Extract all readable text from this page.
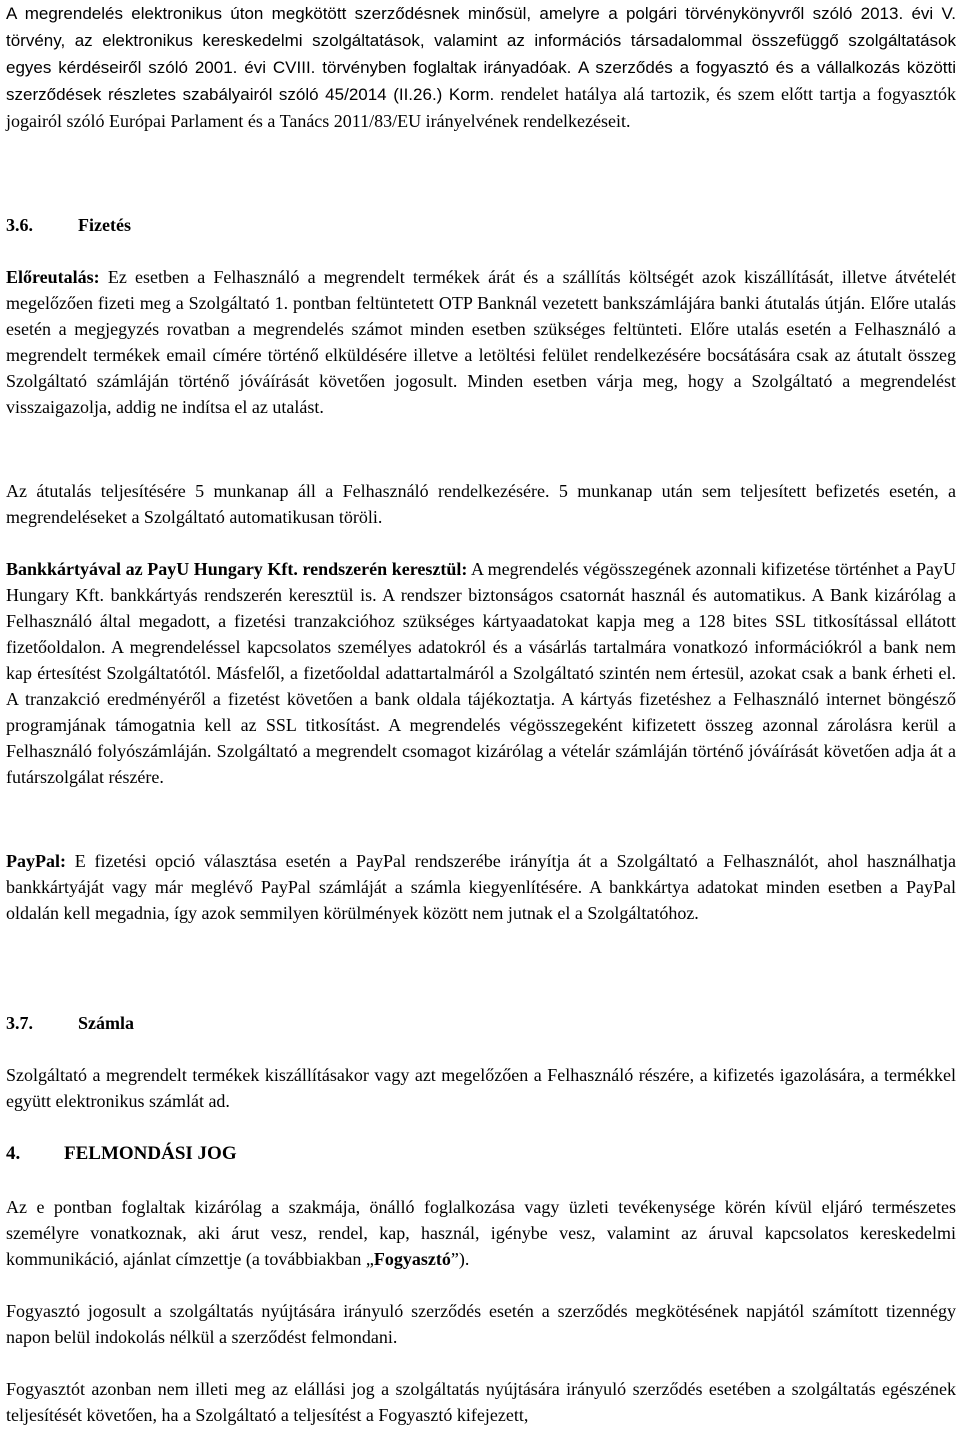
A megrendelés elektronikus úton megkötött szerződésnek minősül, amelyre a polgári törvénykönyvről szóló 2013. évi V. törvény, az elektronikus kereskedelmi szolgáltatások, valamint az információs társadalommal összefüggő szolgáltatások egyes kérdéseiről szóló 2001. évi CVIII. törvényben foglaltak irányadóak. A szerződés a fogyasztó és a vállalkozás közötti szerződések részletes szabályairól szóló 45/2014 (II.26.) Korm. rendelet hatálya alá tartozik, és szem előtt tartja a fogyasztók jogairól szóló Európai Parlament és a Tanács 2011/83/EU irányelvének rendelkezéseit.

3.6.	Fizetés

Előreutalás: Ez esetben a Felhasználó a megrendelt termékek árát és a szállítás költségét azok kiszállítását, illetve átvételét megelőzően fizeti meg a Szolgáltató 1. pontban feltüntetett OTP Banknál vezetett bankszámlájára banki átutalás útján. Előre utalás esetén a megjegyzés rovatban a megrendelés számot minden esetben szükséges feltünteti. Előre utalás esetén a Felhasználó a megrendelt termékek email címére történő elküldésére illetve a letöltési felület rendelkezésére bocsátására csak az átutalt összeg Szolgáltató számláján történő jóváírását követően jogosult. Minden esetben várja meg, hogy a Szolgáltató a megrendelést visszaigazolja, addig ne indítsa el az utalást.

Az átutalás teljesítésére 5 munkanap áll a Felhasználó rendelkezésére. 5 munkanap után sem teljesített befizetés esetén, a megrendeléseket a Szolgáltató automatikusan töröli.

Bankkártyával az PayU Hungary Kft. rendszerén keresztül: A megrendelés végösszegének azonnali kifizetése történhet a PayU Hungary Kft. bankkártyás rendszerén keresztül is. A rendszer biztonságos csatornát használ és automatikus. A Bank kizárólag a Felhasználó által megadott, a fizetési tranzakcióhoz szükséges kártyaadatokat kapja meg a 128 bites SSL titkosítással ellátott fizetőoldalon. A megrendeléssel kapcsolatos személyes adatokról és a vásárlás tartalmára vonatkozó információkról a bank nem kap értesítést Szolgáltatótól. Másfelől, a fizetőoldal adattartalmáról a Szolgáltató szintén nem értesül, azokat csak a bank érheti el. A tranzakció eredményéről a fizetést követően a bank oldala tájékoztatja. A kártyás fizetéshez a Felhasználó internet böngésző programjának támogatnia kell az SSL titkosítást. A megrendelés végösszegeként kifizetett összeg azonnal zárolásra kerül a Felhasználó folyószámláján. Szolgáltató a megrendelt csomagot kizárólag a vételár számláján történő jóváírását követően adja át a futárszolgálat részére.

PayPal: E fizetési opció választása esetén a PayPal rendszerébe irányítja át a Szolgáltató a Felhasználót, ahol használhatja bankkártyáját vagy már meglévő PayPal számláját a számla kiegyenlítésére. A bankkártya adatokat minden esetben a PayPal oldalán kell megadnia, így azok semmilyen körülmények között nem jutnak el a Szolgáltatóhoz.

3.7.	Számla

Szolgáltató a megrendelt termékek kiszállításakor vagy azt megelőzően a Felhasználó részére, a kifizetés igazolására, a termékkel együtt elektronikus számlát ad.

4. FELMONDÁSI JOG

Az e pontban foglaltak kizárólag a szakmája, önálló foglalkozása vagy üzleti tevékenysége körén kívül eljáró természetes személyre vonatkoznak, aki árut vesz, rendel, kap, használ, igénybe vesz, valamint az áruval kapcsolatos kereskedelmi kommunikáció, ajánlat címzettje (a továbbiakban „Fogyasztó”).

Fogyasztó jogosult a szolgáltatás nyújtására irányuló szerződés esetén a szerződés megkötésének napjától számított tizennégy napon belül indokolás nélkül a szerződést felmondani.

Fogyasztót azonban nem illeti meg az elállási jog a szolgáltatás nyújtására irányuló szerződés esetében a szolgáltatás egészének teljesítését követően, ha a Szolgáltató a teljesítést a Fogyasztó kifejezett,
